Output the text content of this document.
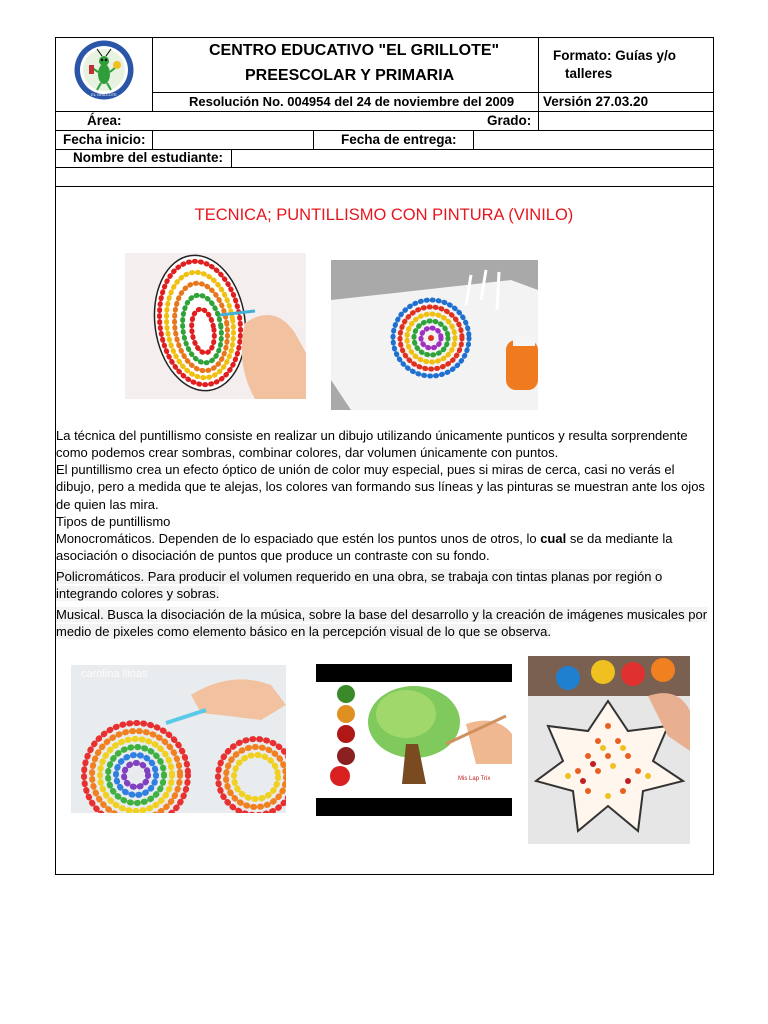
EL GRILLOTE
CENTRO EDUCATIVO "EL GRILLOTE"
PREESCOLAR Y PRIMARIA
Formato: Guías y/o
talleres
Resolución No. 004954 del 24 de noviembre del 2009 Versión 27.03.20
Área:	Grado:
Fecha inicio:	Fecha de entrega:
Nombre del estudiante:
TECNICA; PUNTILLISMO CON PINTURA (VINILO)
La técnica del puntillismo consiste en realizar un dibujo utilizando únicamente punticos y resulta sorprendente como podemos crear sombras, combinar colores, dar volumen únicamente con puntos.
El puntillismo crea un efecto óptico de unión de color muy especial, pues si miras de cerca, casi no verás el dibujo, pero a medida que te alejas, los colores van formando sus líneas y las pinturas se muestran ante los ojos de quien las mira.
Tipos de puntillismo
Monocromáticos. Dependen de lo espaciado que estén los puntos unos de otros, lo cual se da mediante la asociación o disociación de puntos que produce un contraste con su fondo.
Policromáticos. Para producir el volumen requerido en una obra, se trabaja con tintas planas por región o integrando colores y sobras.
Musical. Busca la disociación de la música, sobre la base del desarrollo y la creación de imágenes musicales por medio de pixeles como elemento básico en la percepción visual de lo que se observa.
carolina llinas
Mis Lap Trix
